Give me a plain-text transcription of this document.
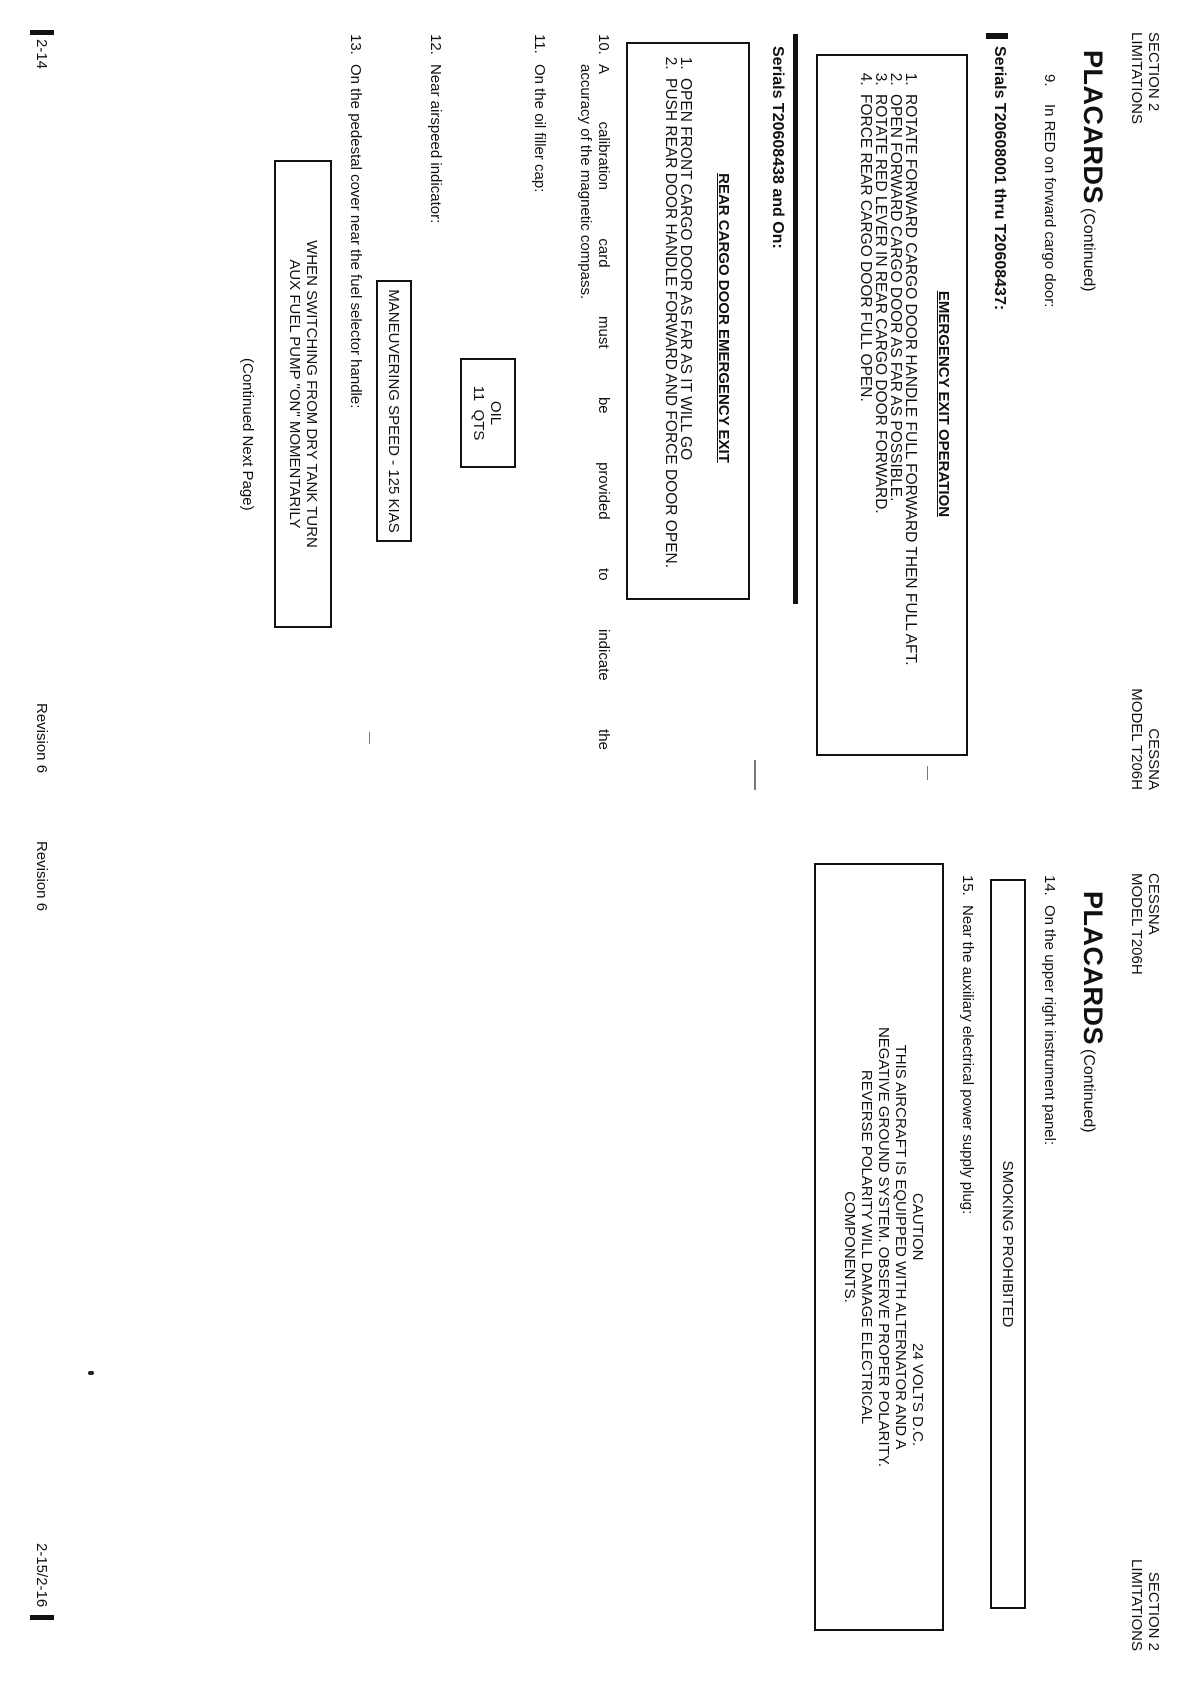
SECTION 2
LIMITATIONS
CESSNA
MODEL T206H
PLACARDS(Continued)
9.In RED on forward cargo door:
Serials T20608001 thru T20608437:
EMERGENCY EXIT OPERATION
1. ROTATE FORWARD CARGO DOOR HANDLE FULL FORWARD THEN FULL AFT.
2. OPEN FORWARD CARGO DOOR AS FAR AS POSSIBLE.
3. ROTATE RED LEVER IN REAR CARGO DOOR FORWARD.
4. FORCE REAR CARGO DOOR FULL OPEN.
Serials T20608438 and On:
REAR CARGO DOOR EMERGENCY EXIT
1. OPEN FRONT CARGO DOOR AS FAR AS IT WILL GO
2. PUSH REAR DOOR HANDLE FORWARD AND FORCE DOOR OPEN.
10.A calibration card must be provided to indicate the
accuracy of the magnetic compass.
11.On the oil filler cap:
OIL
11  QTS
12.Near airspeed indicator:
MANEUVERING SPEED - 125 KIAS
13.On the pedestal cover near the fuel selector handle:
WHEN SWITCHING FROM DRY TANK TURN
AUX FUEL PUMP "ON" MOMENTARILY
(Continued Next Page)
2-14
Revision 6
CESSNA
MODEL T206H
SECTION 2
LIMITATIONS
PLACARDS(Continued)
14.On the upper right instrument panel:
SMOKING PROHIBITED
15.Near the auxiliary electrical power supply plug:
CAUTION
24 VOLTS D.C.
THIS AIRCRAFT IS EQUIPPED WITH ALTERNATOR AND A
NEGATIVE GROUND SYSTEM. OBSERVE PROPER POLARITY.
REVERSE POLARITY WILL DAMAGE ELECTRICAL
COMPONENTS.
Revision 6
2-15/2-16
